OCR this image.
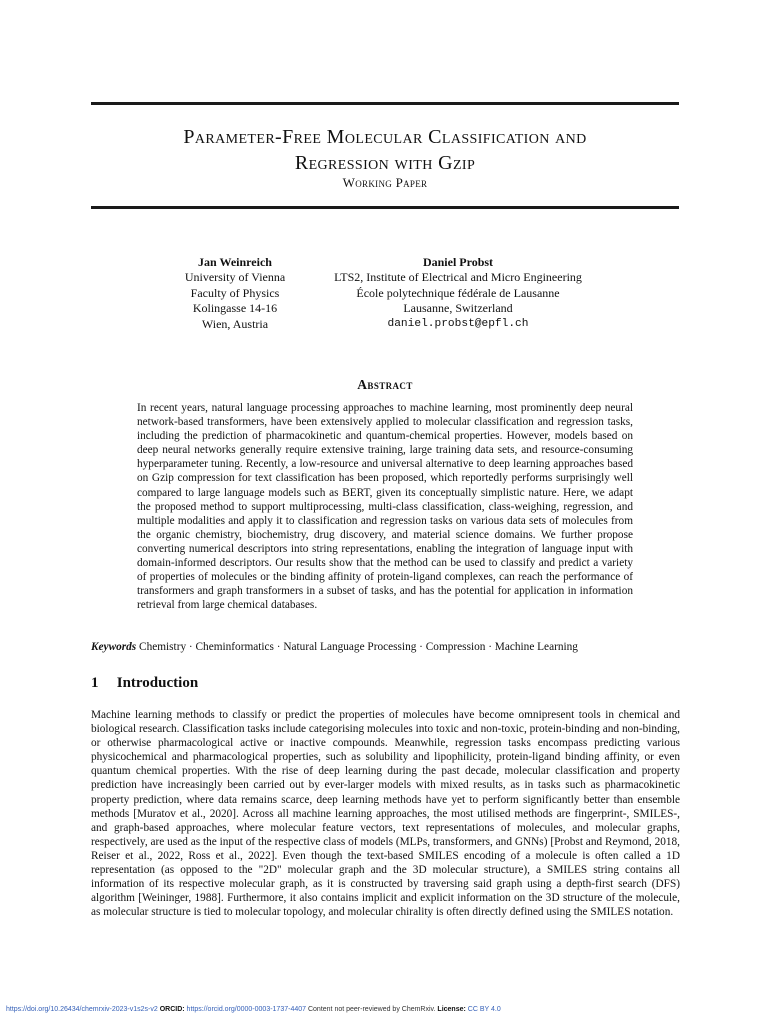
Parameter-Free Molecular Classification and
Regression with Gzip
Working Paper
Jan Weinreich
University of Vienna
Faculty of Physics
Kolingasse 14-16
Wien, Austria
Daniel Probst
LTS2, Institute of Electrical and Micro Engineering
École polytechnique fédérale de Lausanne
Lausanne, Switzerland
daniel.probst@epfl.ch
Abstract

In recent years, natural language processing approaches to machine learning, most prominently deep neural network-based transformers, have been extensively applied to molecular classification and regression tasks, including the prediction of pharmacokinetic and quantum-chemical properties. However, models based on deep neural networks generally require extensive training, large training data sets, and resource-consuming hyperparameter tuning. Recently, a low-resource and universal alternative to deep learning approaches based on Gzip compression for text classification has been proposed, which reportedly performs surprisingly well compared to large language models such as BERT, given its conceptually simplistic nature. Here, we adapt the proposed method to support multiprocessing, multi-class classification, class-weighing, regression, and multiple modalities and apply it to classification and regression tasks on various data sets of molecules from the organic chemistry, biochemistry, drug discovery, and material science domains. We further propose converting numerical descriptors into string representations, enabling the integration of language input with domain-informed descriptors. Our results show that the method can be used to classify and predict a variety of properties of molecules or the binding affinity of protein-ligand complexes, can reach the performance of transformers and graph transformers in a subset of tasks, and has the potential for application in information retrieval from large chemical databases.

Keywords Chemistry · Cheminformatics · Natural Language Processing · Compression · Machine Learning
1 Introduction

Machine learning methods to classify or predict the properties of molecules have become omnipresent tools in chemical and biological research. Classification tasks include categorising molecules into toxic and non-toxic, protein-binding and non-binding, or otherwise pharmacological active or inactive compounds. Meanwhile, regression tasks encompass predicting various physicochemical and pharmacological properties, such as solubility and lipophilicity, protein-ligand binding affinity, or even quantum chemical properties. With the rise of deep learning during the past decade, molecular classification and property prediction have increasingly been carried out by ever-larger models with mixed results, as in tasks such as pharmacokinetic property prediction, where data remains scarce, deep learning methods have yet to perform significantly better than ensemble methods [Muratov et al., 2020]. Across all machine learning approaches, the most utilised methods are fingerprint-, SMILES-, and graph-based approaches, where molecular feature vectors, text representations of molecules, and molecular graphs, respectively, are used as the input of the respective class of models (MLPs, transformers, and GNNs) [Probst and Reymond, 2018, Reiser et al., 2022, Ross et al., 2022]. Even though the text-based SMILES encoding of a molecule is often called a 1D representation (as opposed to the "2D" molecular graph and the 3D molecular structure), a SMILES string contains all information of its respective molecular graph, as it is constructed by traversing said graph using a depth-first search (DFS) algorithm [Weininger, 1988]. Furthermore, it also contains implicit and explicit information on the 3D structure of the molecule, as molecular structure is tied to molecular topology, and molecular chirality is often directly defined using the SMILES notation.

https://doi.org/10.26434/chemrxiv-2023-v1s2s-v2 ORCID: https://orcid.org/0000-0003-1737-4407 Content not peer-reviewed by ChemRxiv. License: CC BY 4.0
